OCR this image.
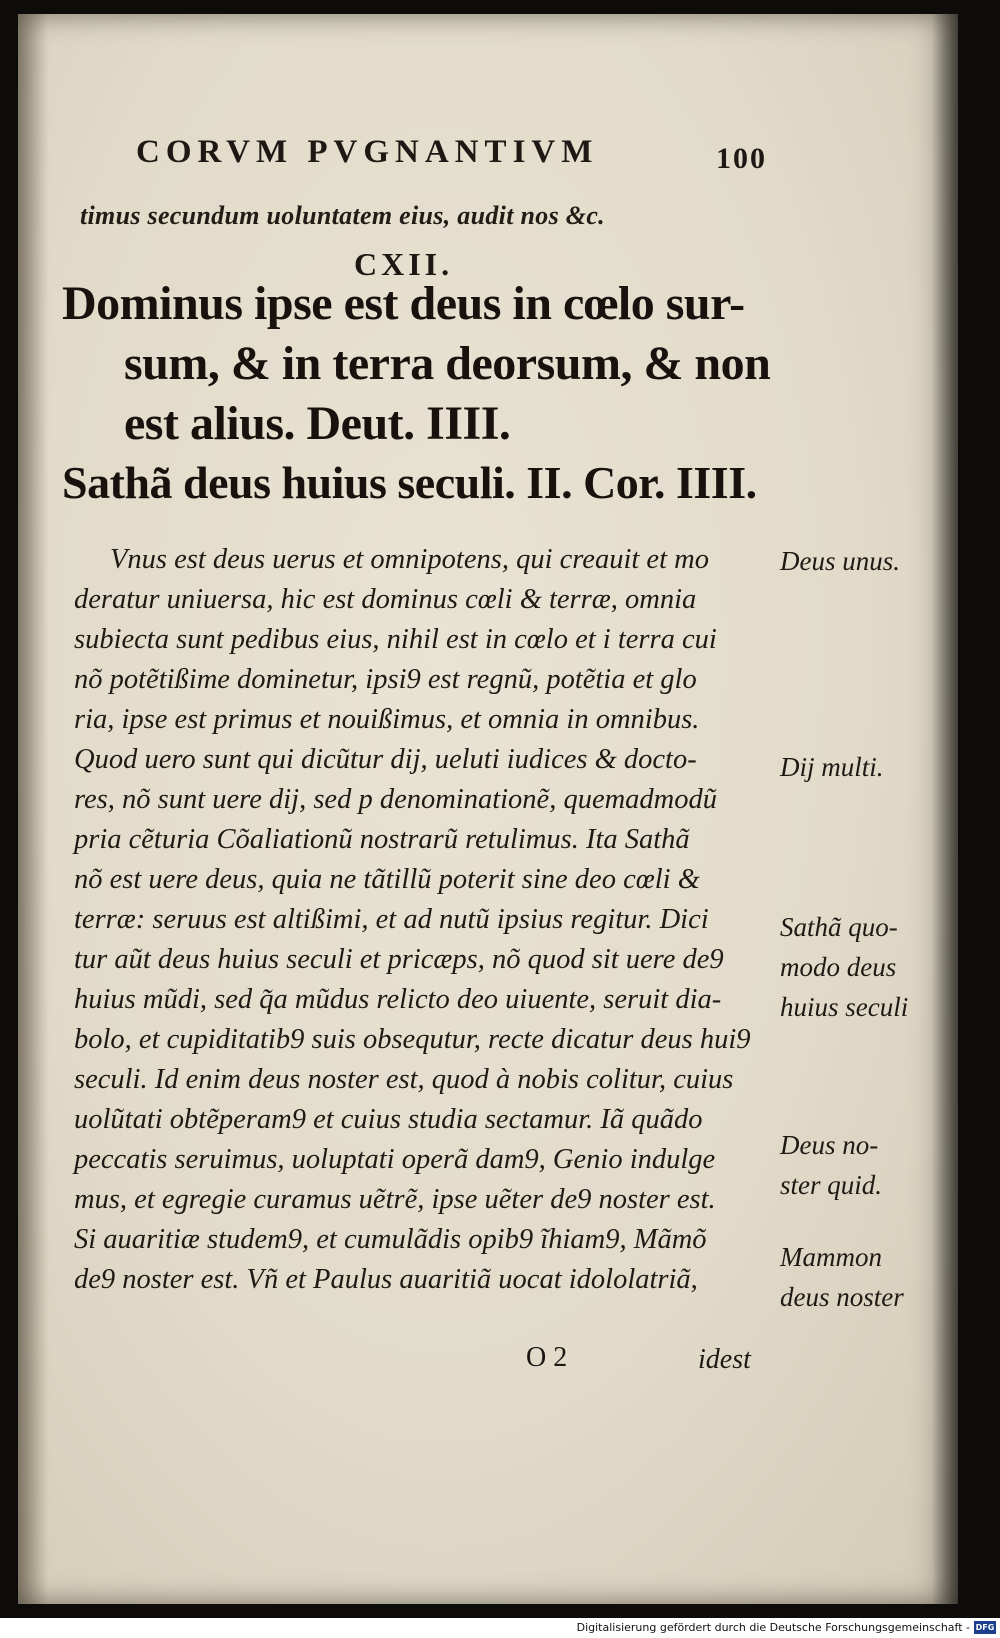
CORVM PVGNANTIVM	100
timus secundum uoluntatem eius, audit nos &c.
CXII.
Dominus ipse est deus in cœlo sur-
sum, & in terra deorsum, & non
est alius. Deut. IIII.
Satha͂ deus huius seculi. II. Cor. IIII.
Vnus est deus uerus et omnipotens, qui creauit et mo
deratur uniuersa, hic est dominus cœli & terræ, omnia
subiecta sunt pedibus eius, nihil est in cœlo et i terra cui
nõ potẽtißime dominetur, ipsi9 est regnũ, potẽtia et glo
ria, ipse est primus et nouißimus, et omnia in omnibus.
Quod uero sunt qui dicũtur dij, ueluti iudices & docto-
res, nõ sunt uere dij, sed p denominationẽ, quemadmodũ
pria cẽturia Cõaliationũ nostrarũ retulimus. Ita Sathã
nõ est uere deus, quia ne tãtillũ poterit sine deo cœli &
terræ: seruus est altißimi, et ad nutũ ipsius regitur. Dici
tur aũt deus huius seculi et pricæps, nõ quod sit uere de9
huius mũdi, sed q͂a mũdus relicto deo uiuente, seruit dia-
bolo, et cupiditatib9 suis obsequtur, recte dicatur deus hui9
seculi. Id enim deus noster est, quod à nobis colitur, cuius
uolũtati obtẽperam9 et cuius studia sectamur. Iã quãdo
peccatis seruimus, uoluptati operã dam9, Genio indulge
mus, et egregie curamus uẽtrẽ, ipse uẽter de9 noster est.
Si auaritiæ studem9, et cumulãdis opib9 ĩhiam9, Mãmõ
de9 noster est. Vñ et Paulus auaritiã uocat idololatriã,
Deus unus.
Dij multi.
Sathã quo-
modo deus
huius seculi
Deus no-
ster quid.
Mammon
deus noster
O 2	idest
Digitalisierung gefördert durch die Deutsche Forschungsgemeinschaft - DFG
